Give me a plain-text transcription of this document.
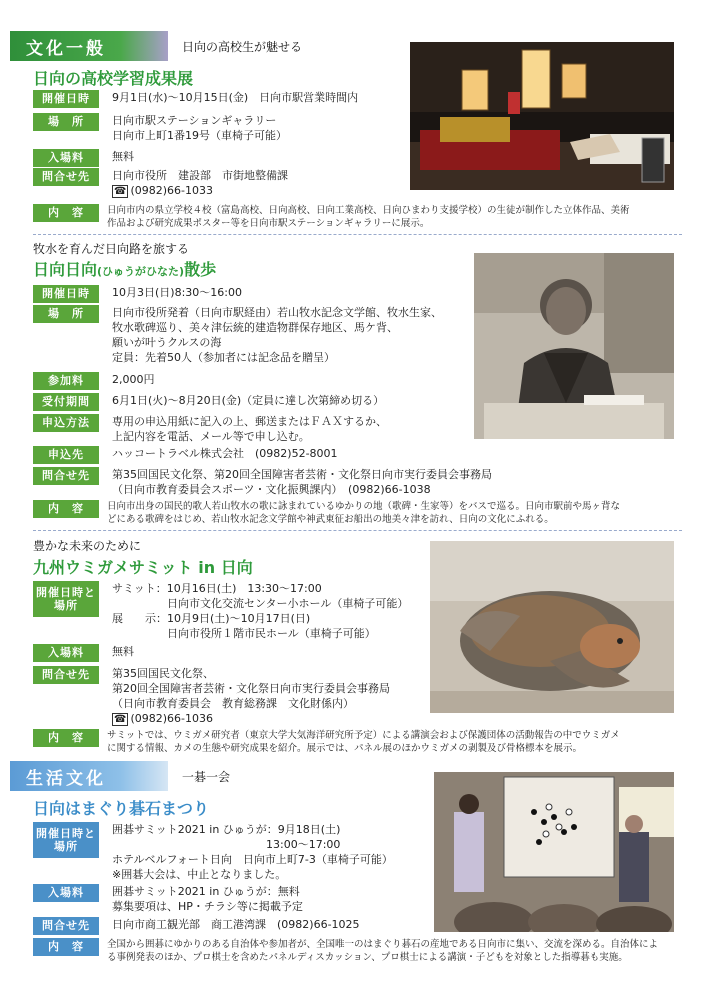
文化一般	日向の高校生が魅せる
日向の高校学習成果展
開催日時	9月1日(水)〜10月15日(金)　日向市駅営業時間内

場　所	日向市駅ステーションギャラリー

日向市上町1番19号（車椅子可能）

入場料	無料

問合せ先	日向市役所　建設部　市街地整備課

☎ (0982)66-1033

内　容	日向市内の県立学校４校（富島高校、日向高校、日向工業高校、日向ひまわり支援学校）の生徒が制作した立体作品、美術

作品および研究成果ポスター等を日向市駅ステーションギャラリーに展示。

牧水を育んだ日向路を旅する
日向日向(ひゅうがひなた)散歩
開催日時	10月3日(日)8:30〜16:00

場　所	日向市役所発着（日向市駅経由）若山牧水記念文学館、牧水生家、

牧水歌碑巡り、美々津伝統的建造物群保存地区、馬ケ背、

願いが叶うクルスの海

定員：先着50人（参加者には記念品を贈呈）

参加料	2,000円

受付期間	6月1日(火)〜8月20日(金)（定員に達し次第締め切る）

申込方法	専用の申込用紙に記入の上、郵送またはＦＡＸするか、

上記内容を電話、メール等で申し込む。

申込先	ハッコートラベル株式会社　(0982)52-8001

問合せ先	第35回国民文化祭、第20回全国障害者芸術・文化祭日向市実行委員会事務局

（日向市教育委員会スポーツ・文化振興課内）　(0982)66-1038

内　容	日向市出身の国民的歌人若山牧水の歌に詠まれているゆかりの地（歌碑・生家等）をバスで巡る。日向市駅前や馬ヶ背な

どにある歌碑をはじめ、若山牧水記念文学館や神武東征お船出の地美々津を訪れ、日向の文化にふれる。

豊かな未来のために
九州ウミガメサミット in 日向
開催日時と場所

サミット：10月16日(土)　13:30〜17:00

　　　　　日向市文化交流センター小ホール（車椅子可能）

展　　示：10月9日(土)〜10月17日(日)

　　　　　日向市役所１階市民ホール（車椅子可能）

入場料	無料

問合せ先	第35回国民文化祭、

第20回全国障害者芸術・文化祭日向市実行委員会事務局

（日向市教育委員会　教育総務課　文化財係内）

☎ (0982)66-1036

内　容	サミットでは、ウミガメ研究者（東京大学大気海洋研究所予定）による講演会および保護団体の活動報告の中でウミガメ

に関する情報、カメの生態や研究成果を紹介。展示では、パネル展のほかウミガメの剥製及び骨格標本を展示。

生活文化	一碁一会
日向はまぐり碁石まつり
開催日時と場所

囲碁サミット2021 in ひゅうが：9月18日(土)

　　　　　　　　　　　　　　13:00〜17:00

ホテルベルフォート日向　日向市上町7-3（車椅子可能）

※囲碁大会は、中止となりました。

入場料	囲碁サミット2021 in ひゅうが：無料

募集要項は、HP・チラシ等に掲載予定

問合せ先	日向市商工観光部　商工港湾課　(0982)66-1025

内　容	全国から囲碁にゆかりのある自治体や参加者が、全国唯一のはまぐり碁石の産地である日向市に集い、交流を深める。自治体によ

る事例発表のほか、プロ棋士を含めたパネルディスカッション、プロ棋士による講演・子どもを対象とした指導碁も実施。
